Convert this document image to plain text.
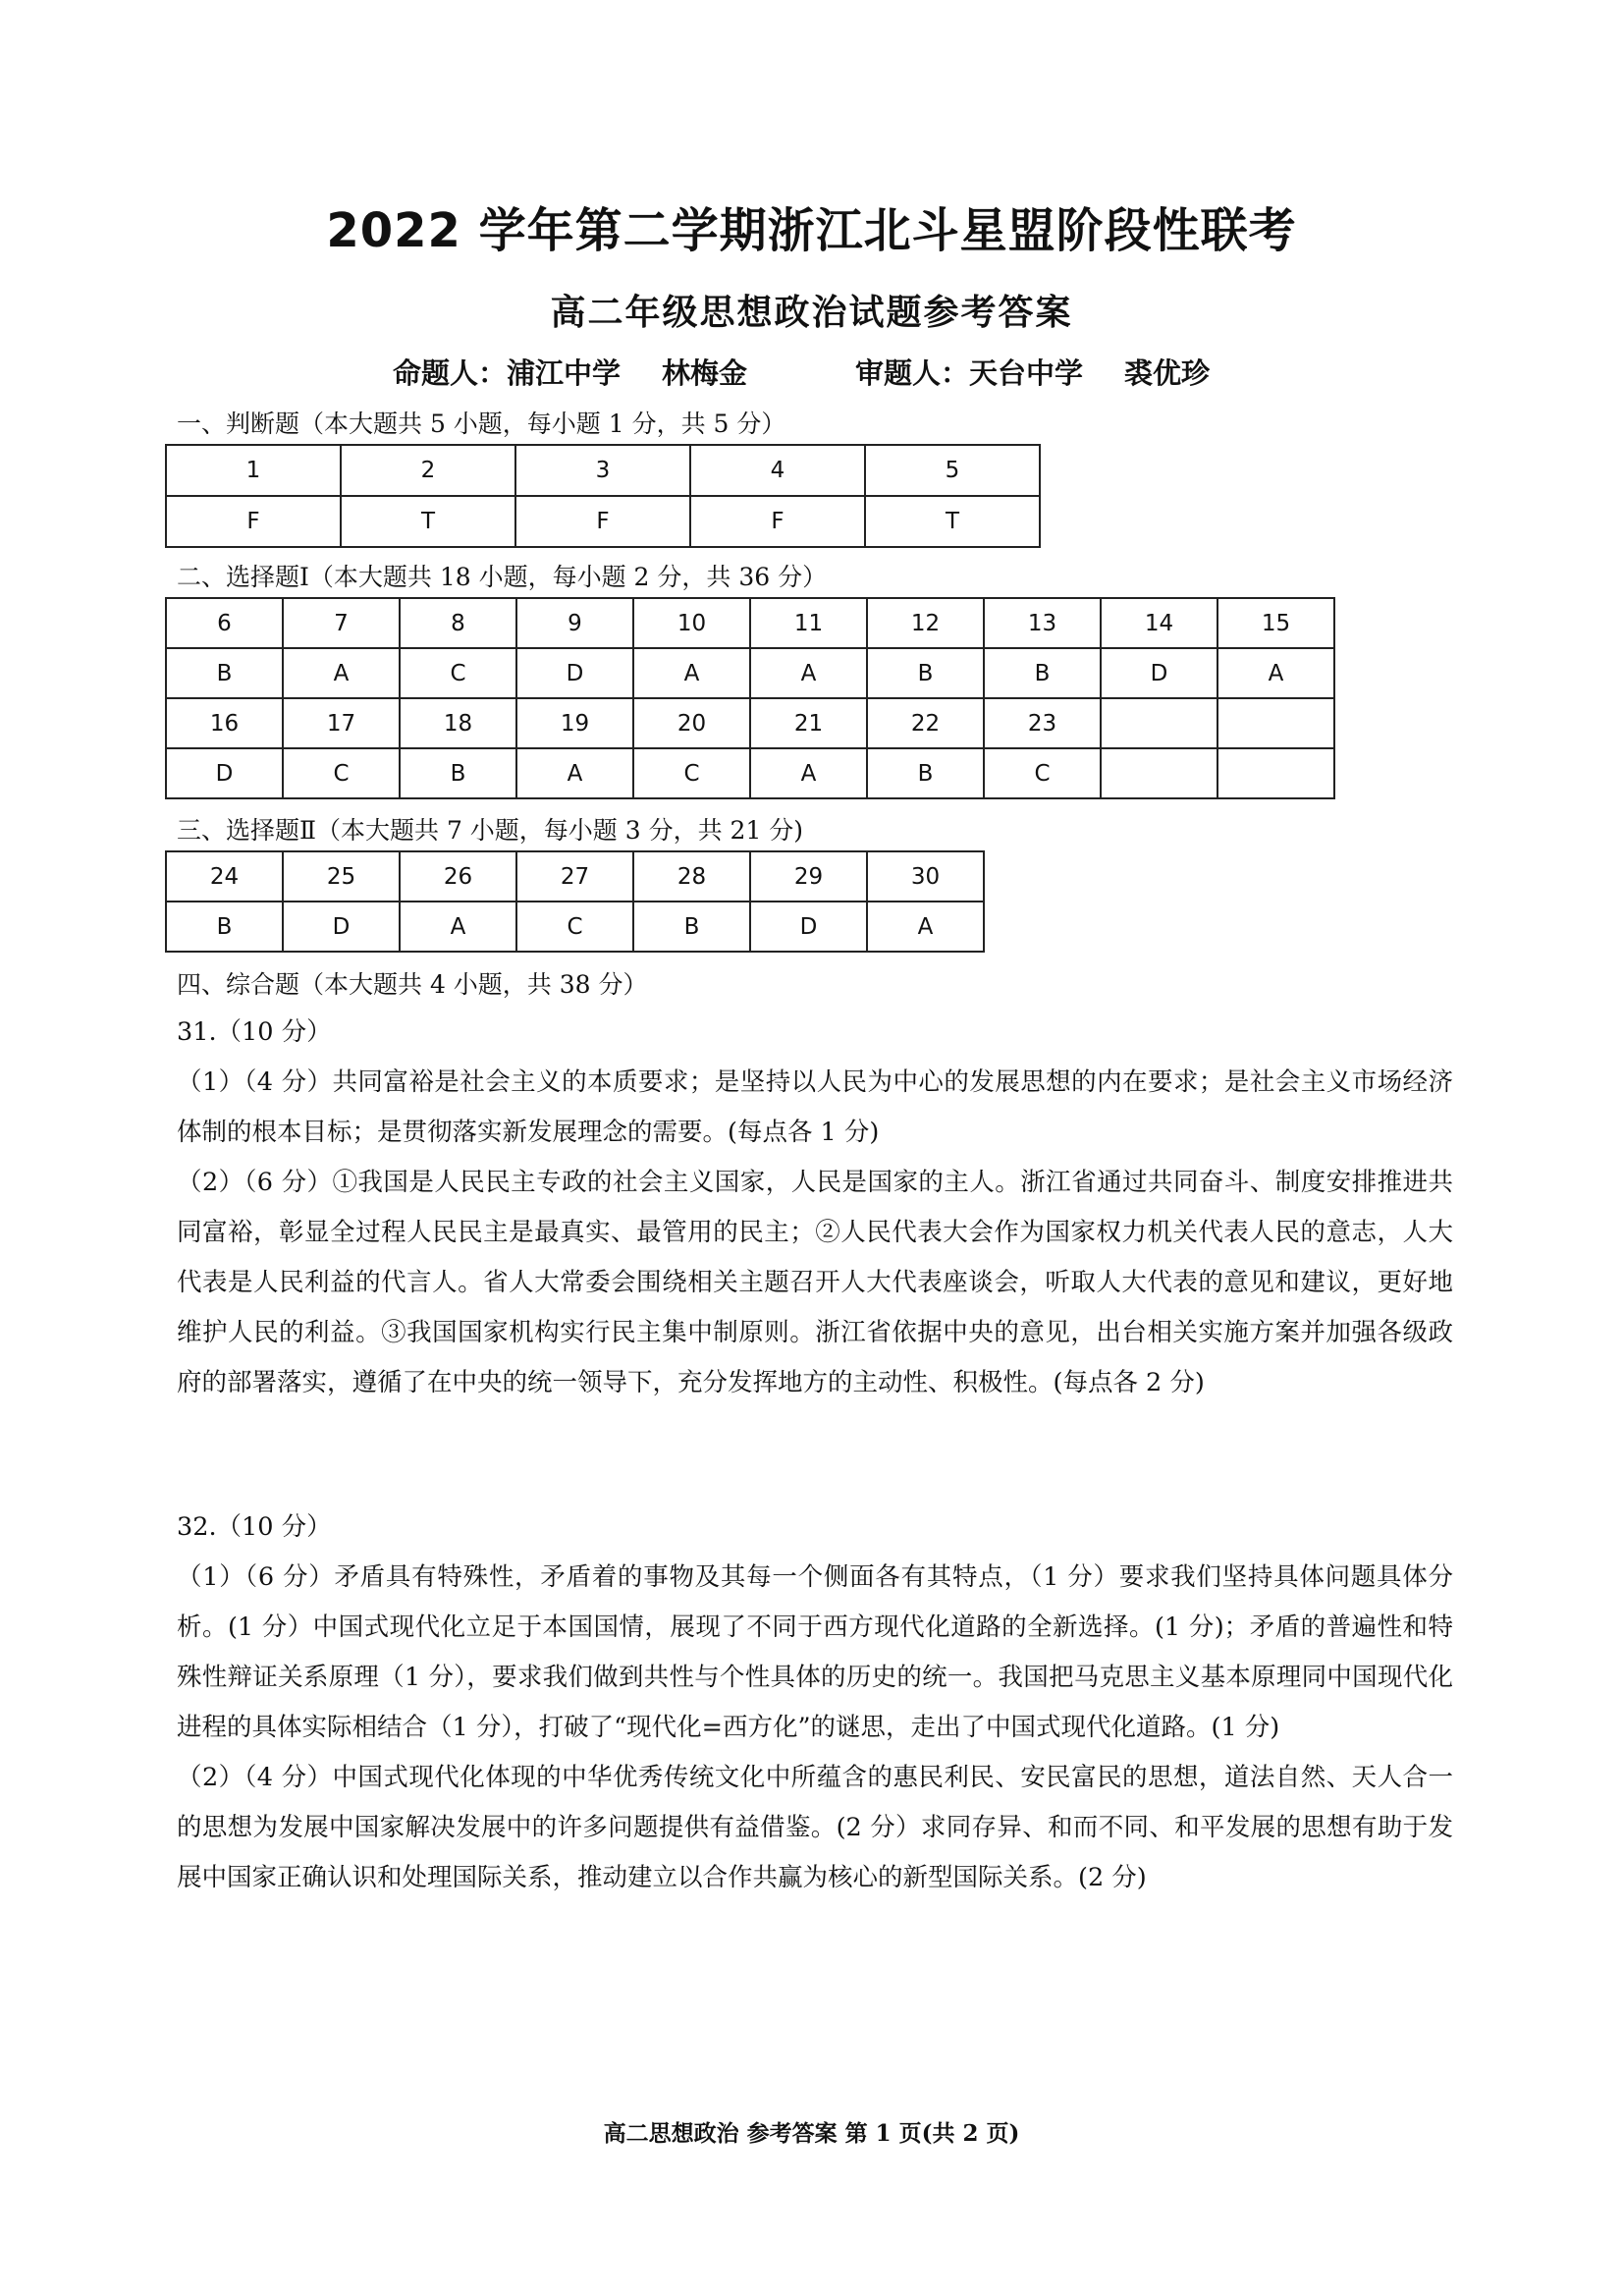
2022 学年第二学期浙江北斗星盟阶段性联考
高二年级思想政治试题参考答案
命题人：浦江中学 林梅金	审题人：天台中学 裘优珍
一、判断题（本大题共 5 小题，每小题 1 分，共 5 分）
1	2	3	4	5
F	T	F	F	T
二、选择题Ⅰ（本大题共 18 小题，每小题 2 分，共 36 分）
6	7	8	9	10	11	12	13	14	15
B	A	C	D	A	A	B	B	D	A
16	17	18	19	20	21	22	23		
D	C	B	A	C	A	B	C		
三、选择题Ⅱ（本大题共 7 小题，每小题 3 分，共 21 分)
24	25	26	27	28	29	30
B	D	A	C	B	D	A
四、综合题（本大题共 4 小题，共 38 分）

31.（10 分）

（1）（4 分）共同富裕是社会主义的本质要求；是坚持以人民为中心的发展思想的内在要求；是社会主义市场经济体制的根本目标；是贯彻落实新发展理念的需要。(每点各 1 分)

（2）（6 分）①我国是人民民主专政的社会主义国家，人民是国家的主人。浙江省通过共同奋斗、制度安排推进共同富裕，彰显全过程人民民主是最真实、最管用的民主；②人民代表大会作为国家权力机关代表人民的意志，人大代表是人民利益的代言人。省人大常委会围绕相关主题召开人大代表座谈会，听取人大代表的意见和建议，更好地维护人民的利益。③我国国家机构实行民主集中制原则。浙江省依据中央的意见，出台相关实施方案并加强各级政府的部署落实，遵循了在中央的统一领导下，充分发挥地方的主动性、积极性。(每点各 2 分)

32.（10 分）

（1）（6 分）矛盾具有特殊性，矛盾着的事物及其每一个侧面各有其特点，（1 分）要求我们坚持具体问题具体分析。(1 分）中国式现代化立足于本国国情，展现了不同于西方现代化道路的全新选择。(1 分)；矛盾的普遍性和特殊性辩证关系原理（1 分），要求我们做到共性与个性具体的历史的统一。我国把马克思主义基本原理同中国现代化进程的具体实际相结合（1 分），打破了“现代化=西方化”的谜思，走出了中国式现代化道路。(1 分)

（2）（4 分）中国式现代化体现的中华优秀传统文化中所蕴含的惠民利民、安民富民的思想，道法自然、天人合一的思想为发展中国家解决发展中的许多问题提供有益借鉴。(2 分）求同存异、和而不同、和平发展的思想有助于发展中国家正确认识和处理国际关系，推动建立以合作共赢为核心的新型国际关系。(2 分)

高二思想政治 参考答案 第 1 页(共 2 页)
